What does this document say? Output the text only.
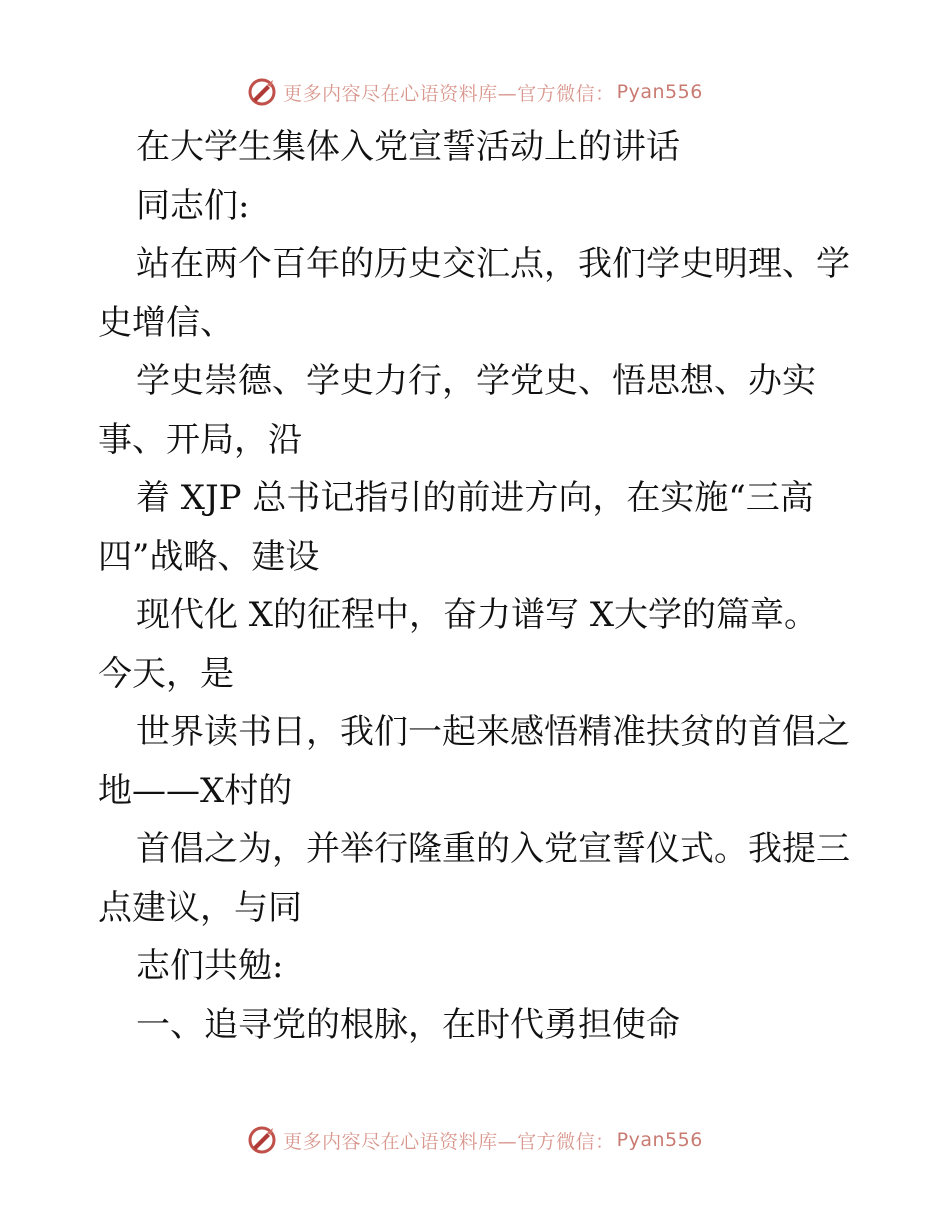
更多内容尽在心语资料库—官方微信： Pyan556
在大学生集体入党宣誓活动上的讲话
同志们:
站在两个百年的历史交汇点，我们学史明理、学
史增信、
学史崇德、学史力行，学党史、悟思想、办实
事、开局，沿
着 XJP 总书记指引的前进方向，在实施“三高
四”战略、建设
现代化 X的征程中，奋力谱写 X大学的篇章。
今天，是
世界读书日，我们一起来感悟精准扶贫的首倡之
地——X村的
首倡之为，并举行隆重的入党宣誓仪式。我提三
点建议，与同
志们共勉:
一、追寻党的根脉，在时代勇担使命
更多内容尽在心语资料库—官方微信： Pyan556
